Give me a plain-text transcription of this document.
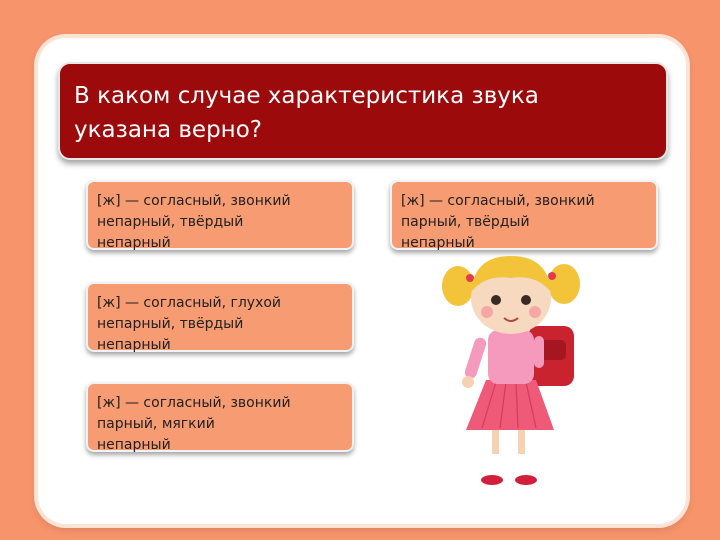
В каком случае характеристика звука
указана верно?
[ж] — согласный, звонкий
непарный, твёрдый
непарный
[ж] — согласный, звонкий
парный, твёрдый
непарный
[ж] — согласный, глухой
непарный, твёрдый
непарный
[ж] — согласный, звонкий
парный, мягкий
непарный
